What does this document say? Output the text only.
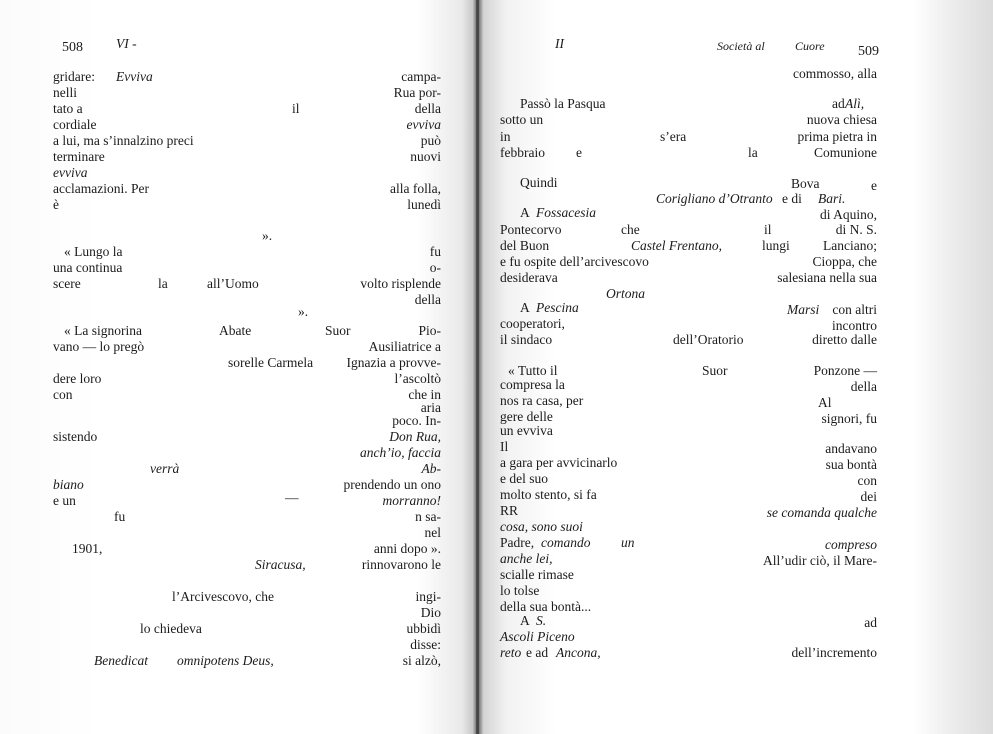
508 VI -
gridare: Evviva	campa-
nelli	Rua por-
tato a	il	della
cordiale	evviva
a lui, ma s’innalzino preci	può
terminare	nuovi
evviva
acclamazioni. Per	alla folla,
è	lunedì
».
« Lungo la	fu
una continua	o-
scere	la	all’Uomo	volto risplende
della
».
« La signorina	Abate	Suor	Pio-
vano — lo pregò	Ausiliatrice a
sorelle Carmela Ignazia a provve-
dere loro	l’ascoltò
con	che in
aria
poco. In-
sistendo	Don Rua,
anch’io, faccia
verrà	Ab-
biano	prendendo un ono
e un	—	morranno!
fu	n sa-
nel
1901,	anni dopo ».
Siracusa,	rinnovarono le
l’Arcivescovo, che	ingi-
Dio
lo chiedeva	ubbidì
disse:
Benedicat omnipotens Deus,	si alzò,
II	Società al	Cuore 509
commosso, alla
Passò la Pasqua	ad Alì,
sotto un	nuova chiesa
in	s’era	prima pietra in
febbraio e	la	Comunione
Quindi	Bova	e
Corigliano d’Otranto e di Bari.
A Fossacesia	di Aquino,
Pontecorvo	che	il	di N. S.
del Buon	Castel Frentano,	lungi Lanciano;
e fu ospite dell’arcivescovo	Cioppa, che
desiderava	salesiana nella sua
Ortona
A Pescina	Marsi con altri
cooperatori,	incontro
il sindaco	dell’Oratorio	diretto dalle
« Tutto il	Suor	Ponzone —
compresa la	della
nos ra casa, per	Al
gere delle	signori, fu
un evviva
Il	andavano
a gara per avvicinarlo	sua bontà
e del suo	con
molto stento, si fa	dei
RR	se comanda qualche
cosa, sono suoi
Padre, comando un	compreso
anche lei,	All’udir ciò, il Mare-
scialle rimase
lo tolse
della sua bontà...
A S.	ad
Ascoli Piceno
reto e ad Ancona,	dell’incremento
